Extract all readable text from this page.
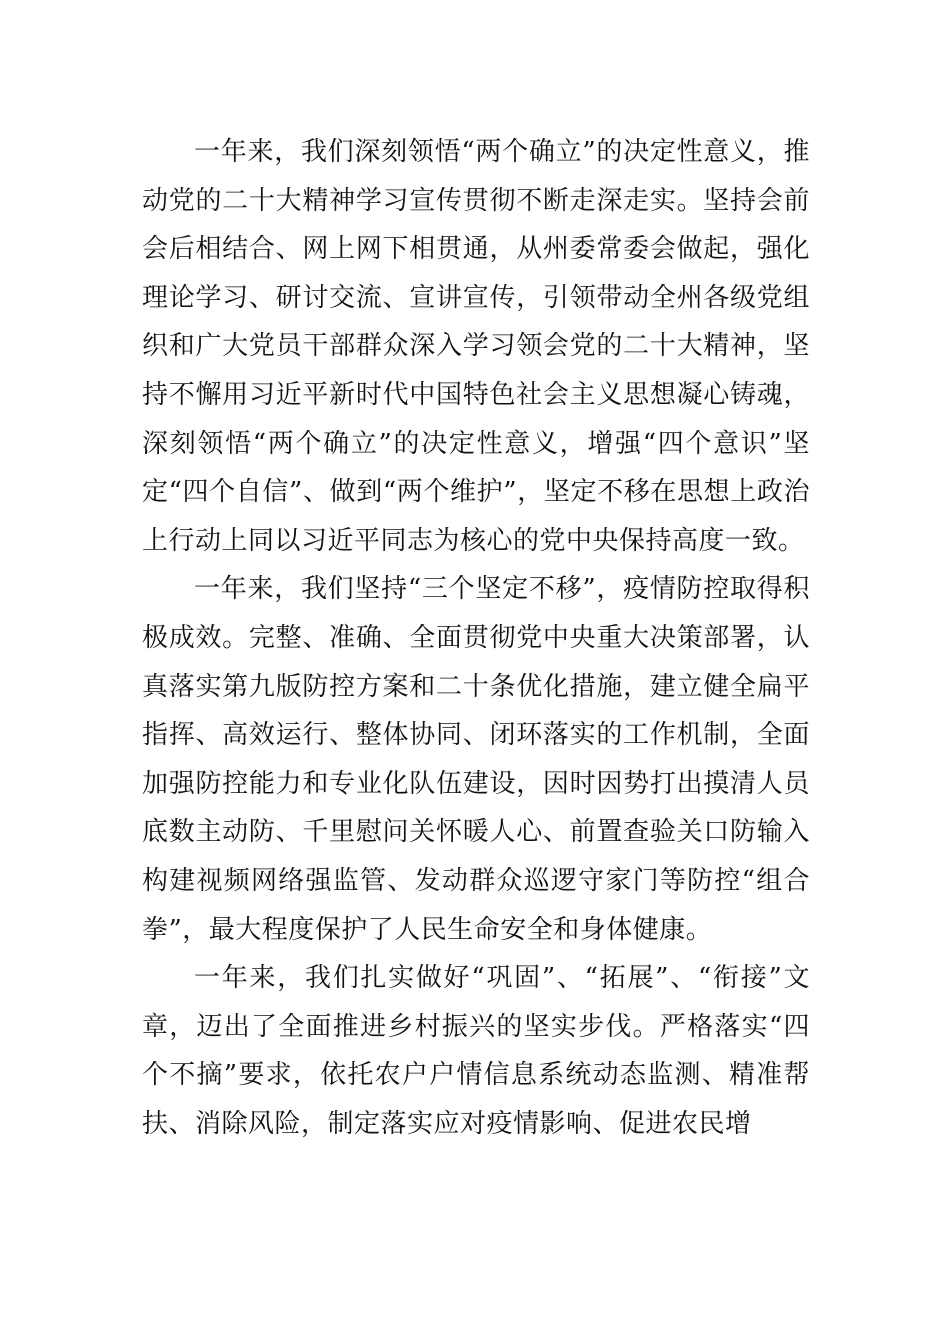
一年来，我们深刻领悟“两个确立”的决定性意义，推动党的二十大精神学习宣传贯彻不断走深走实。坚持会前会后相结合、网上网下相贯通，从州委常委会做起，强化理论学习、研讨交流、宣讲宣传，引领带动全州各级党组织和广大党员干部群众深入学习领会党的二十大精神，坚持不懈用习近平新时代中国特色社会主义思想凝心铸魂，深刻领悟“两个确立”的决定性意义，增强“四个意识”坚定“四个自信”、做到“两个维护”，坚定不移在思想上政治上行动上同以习近平同志为核心的党中央保持高度一致。

一年来，我们坚持“三个坚定不移”，疫情防控取得积极成效。完整、准确、全面贯彻党中央重大决策部署，认真落实第九版防控方案和二十条优化措施，建立健全扁平指挥、高效运行、整体协同、闭环落实的工作机制，全面加强防控能力和专业化队伍建设，因时因势打出摸清人员底数主动防、千里慰问关怀暖人心、前置查验关口防输入构建视频网络强监管、发动群众巡逻守家门等防控“组合拳”，最大程度保护了人民生命安全和身体健康。

一年来，我们扎实做好“巩固”、“拓展”、“衔接”文章，迈出了全面推进乡村振兴的坚实步伐。严格落实“四个不摘”要求，依托农户户情信息系统动态监测、精准帮扶、消除风险，制定落实应对疫情影响、促进农民增
